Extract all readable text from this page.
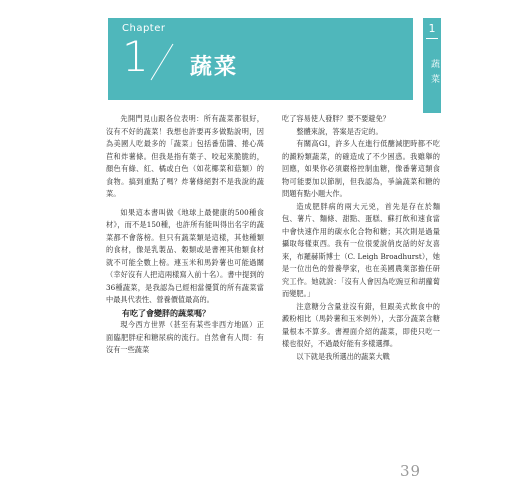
Chapter
1 蔬菜
1
蔬菜

先開門見山跟各位表明：所有蔬菜都很好，沒有不好的蔬菜！我想也許要再多做點說明，因為美國人吃最多的「蔬菜」包括番茄醬、捲心萵苣和炸薯條。但我是指有葉子、咬起來脆脆的，顏色有綠、紅、橘或白色（如花椰菜和菇類）的食物。搞到重點了嗎？炸薯條絕對不是我說的蔬菜。

如果這本書叫做《地球上最健康的500種食材》，而不是150種，也許所有能叫得出名字的蔬菜都不會落榜。但只有蔬菜類是這樣，其他種類的食材，像是乳製品、穀類或是書裡其他類食材就不可能全數上榜。連玉米和馬鈴薯也可能過關（幸好沒有人把這兩樣寫入前十名）。書中提到的36種蔬菜，是我認為已經相當優質的所有蔬菜當中最具代表性、營養價值最高的。

有吃了會變胖的蔬菜嗎？

現今西方世界（甚至有某些非西方地區）正面臨肥胖症和糖尿病的流行。自然會有人問：有沒有一些蔬菜

吃了容易使人發胖？要不要避免？

整體來說，答案是否定的。

有關高GI，許多人在進行低醣減肥時都不吃的澱粉類蔬菜，的確造成了不少困惑。我雖舉的回應，如果你必須嚴格控制血糖，像番薯這類食物可能要加以節制，但我認為，爭論蔬菜和糖的問題有點小題大作。

造成肥胖病的兩大元兇，首先是存在於麵包、薯片、麵條、甜點、蛋糕、蘇打飲和速食當中會快速作用的碳水化合物和糖；其次則是過量攝取每樣東西。我有一位很愛說俏皮話的好友喜來，布羅赫斯博士（C. Leigh Broadhurst），她是一位出色的營養學家，也在美國農業部擔任研究工作。她就說：「沒有人會因為吃豌豆和胡蘿蔔而變肥。」

注意糖分含量並沒有錯，但跟美式飲食中的澱粉相比（馬鈴薯和玉米例外），大部分蔬菜含糖量根本不算多。書裡面介紹的蔬菜，即使只吃一樣也很好，不過最好能有多樣選擇。

以下就是我所選出的蔬菜大戰

39
